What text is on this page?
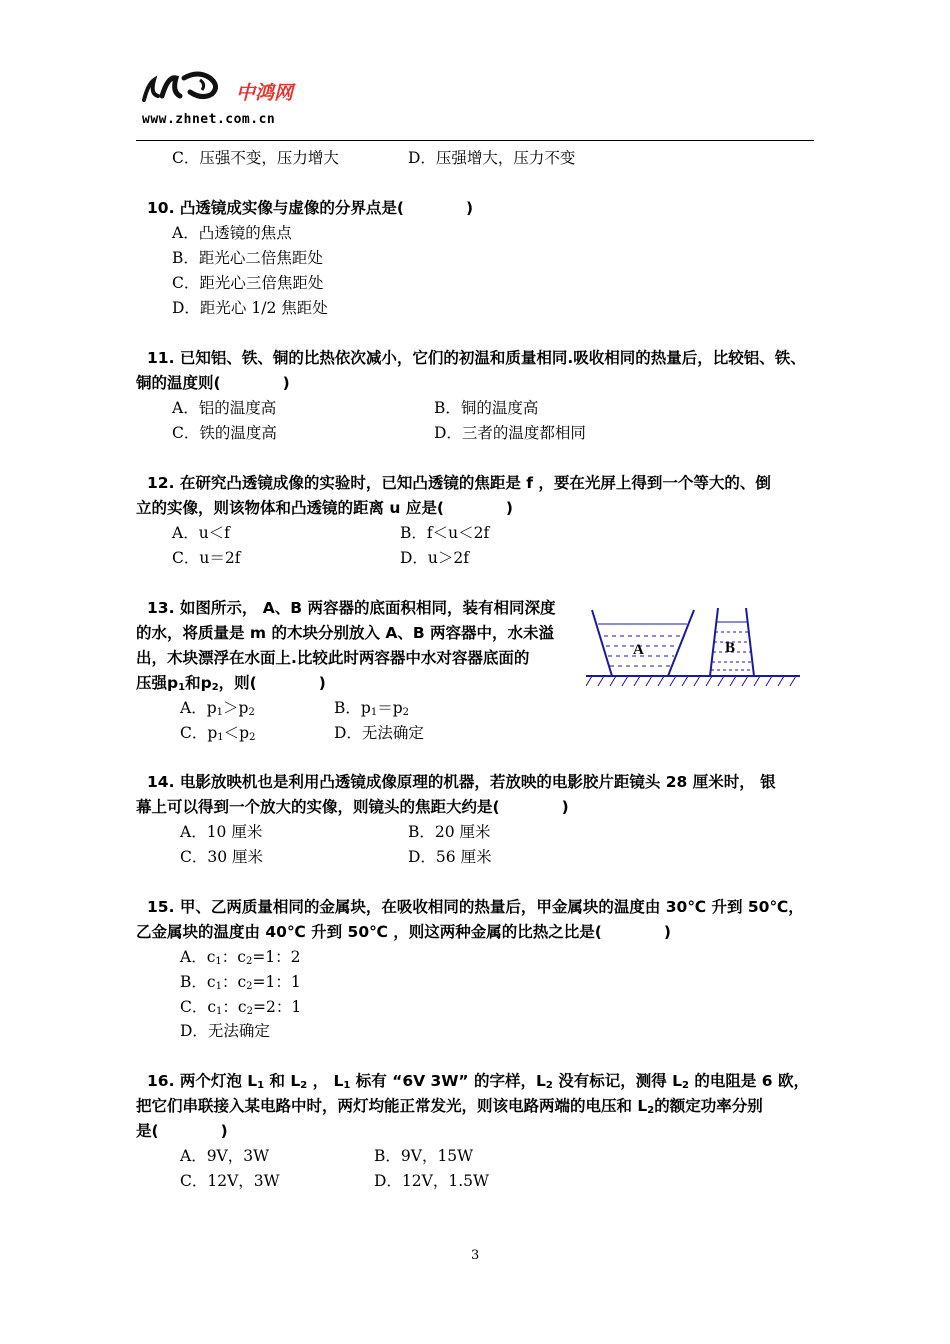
中鸿网
www.zhnet.com.cn
C．压强不变，压力增大	D．压强增大，压力不变
10. 凸透镜成实像与虚像的分界点是(　　　　)
A．凸透镜的焦点
B．距光心二倍焦距处
C．距光心三倍焦距处
D．距光心 1/2 焦距处
11. 已知铝、铁、铜的比热依次减小，它们的初温和质量相同.吸收相同的热量后，比较铝、铁、
铜的温度则(　　　　)
A．铝的温度高	B．铜的温度高
C．铁的温度高	D．三者的温度都相同
12. 在研究凸透镜成像的实验时，已知凸透镜的焦距是 f ，要在光屏上得到一个等大的、倒
立的实像，则该物体和凸透镜的距离 u 应是(　　　　)
A．u＜f	B．f＜u＜2f
C．u＝2f	D．u＞2f
13. 如图所示， A、B 两容器的底面积相同，装有相同深度
的水，将质量是 m 的木块分别放入 A、B 两容器中，水未溢
出，木块漂浮在水面上.比较此时两容器中水对容器底面的
压强$p_1$和$p_2$，则(　　　　)
A．$p_1>p_2$	B．$p_1=p_2$
C．$p_1<p_2$	D．无法确定
A	B
14. 电影放映机也是利用凸透镜成像原理的机器，若放映的电影胶片距镜头 28 厘米时， 银
幕上可以得到一个放大的实像，则镜头的焦距大约是(　　　　)
A．10 厘米	B．20 厘米
C．30 厘米	D．56 厘米
15. 甲、乙两质量相同的金属块，在吸收相同的热量后，甲金属块的温度由 30℃ 升到 50℃，
乙金属块的温度由 40℃ 升到 50℃ ，则这两种金属的比热之比是(　　　　)
A．$c_1$：$c_2=1$：2
B．$c_1$：$c_2=1$：1
C．$c_1$：$c_2=2$：1
D．无法确定
16. 两个灯泡 $L_1$ 和 $L_2$ ， $L_1$ 标有 “6V 3W” 的字样，$L_2$ 没有标记，测得 $L_2$ 的电阻是 6 欧，
把它们串联接入某电路中时，两灯均能正常发光，则该电路两端的电压和 $L_2$的额定功率分别
是(　　　　)
A．9V，3W	B．9V，15W
C．12V，3W	D．12V，1.5W
3
